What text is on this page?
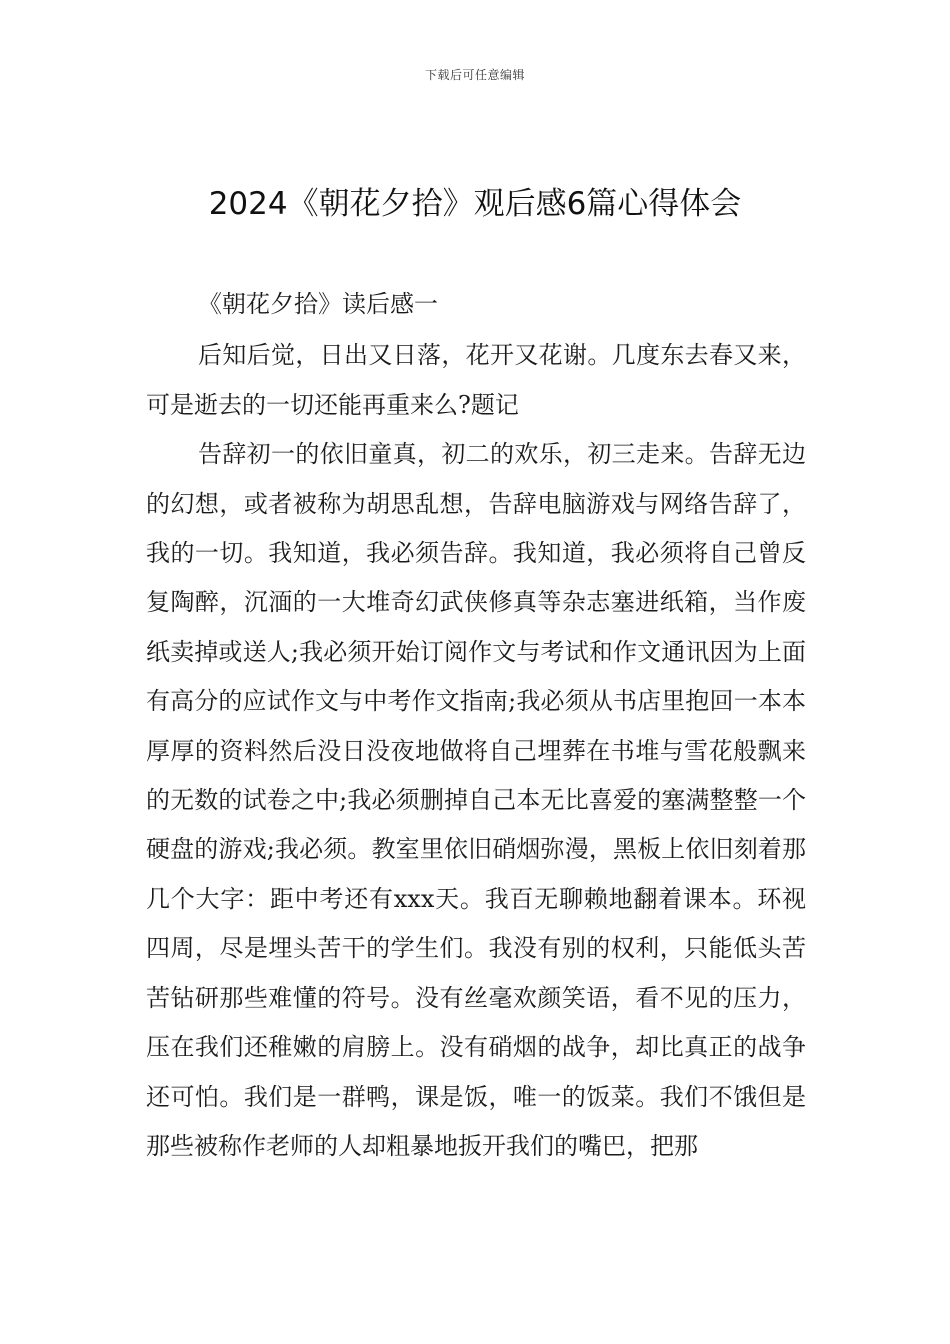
下载后可任意编辑
2024《朝花夕拾》观后感6篇心得体会

《朝花夕拾》读后感一

后知后觉，日出又日落，花开又花谢。几度东去春又来，可是逝去的一切还能再重来么?题记

告辞初一的依旧童真，初二的欢乐，初三走来。告辞无边的幻想，或者被称为胡思乱想，告辞电脑游戏与网络告辞了，我的一切。我知道，我必须告辞。我知道，我必须将自己曾反复陶醉，沉湎的一大堆奇幻武侠修真等杂志塞进纸箱，当作废纸卖掉或送人;我必须开始订阅作文与考试和作文通讯因为上面有高分的应试作文与中考作文指南;我必须从书店里抱回一本本厚厚的资料然后没日没夜地做将自己埋葬在书堆与雪花般飘来的无数的试卷之中;我必须删掉自己本无比喜爱的塞满整整一个硬盘的游戏;我必须。教室里依旧硝烟弥漫，黑板上依旧刻着那几个大字：距中考还有xxx天。我百无聊赖地翻着课本。环视四周，尽是埋头苦干的学生们。我没有别的权利，只能低头苦苦钻研那些难懂的符号。没有丝毫欢颜笑语，看不见的压力，压在我们还稚嫩的肩膀上。没有硝烟的战争，却比真正的战争还可怕。我们是一群鸭，课是饭，唯一的饭菜。我们不饿但是那些被称作老师的人却粗暴地扳开我们的嘴巴，把那
